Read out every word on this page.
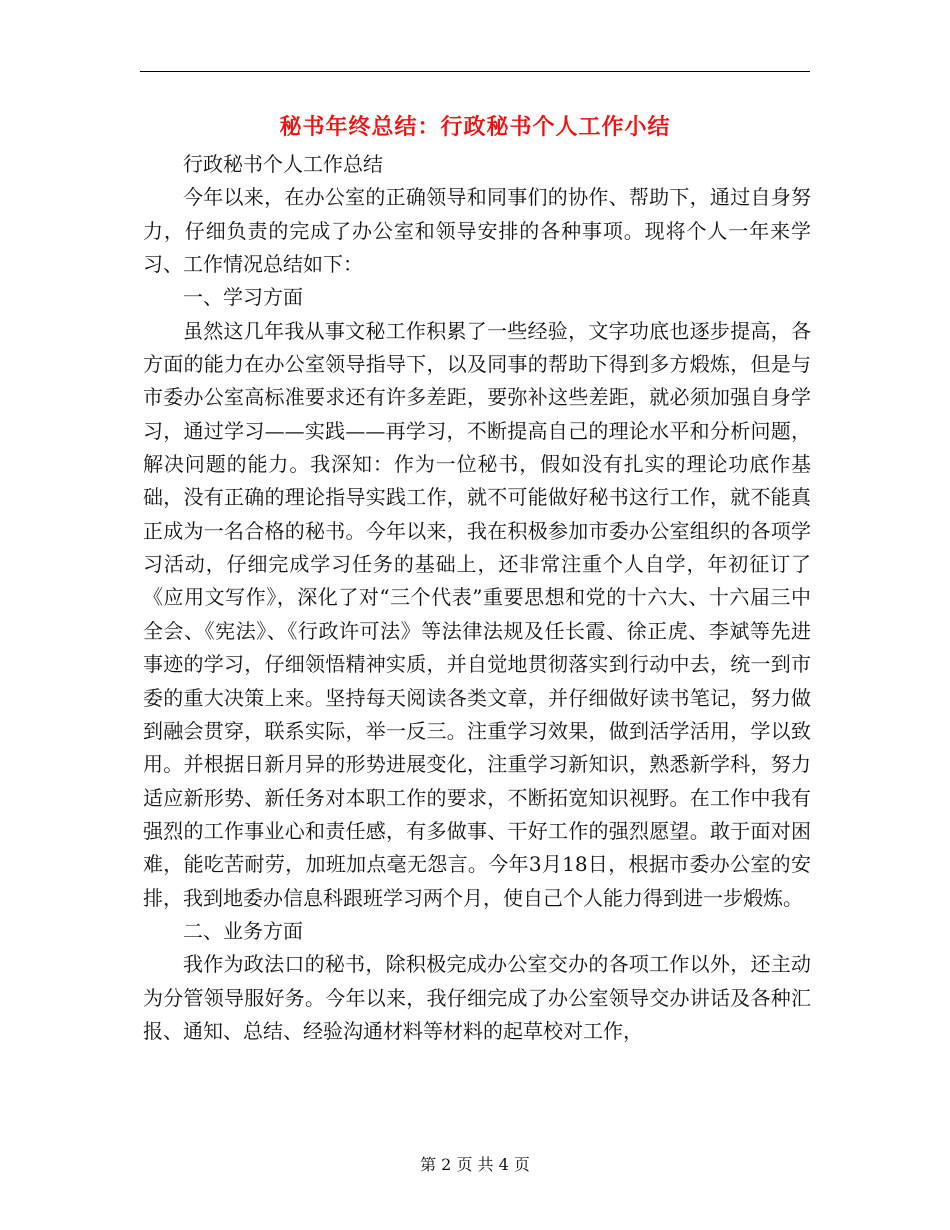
秘书年终总结：行政秘书个人工作小结

行政秘书个人工作总结

今年以来，在办公室的正确领导和同事们的协作、帮助下，通过自身努力，仔细负责的完成了办公室和领导安排的各种事项。现将个人一年来学习、工作情况总结如下：

一、学习方面

虽然这几年我从事文秘工作积累了一些经验，文字功底也逐步提高，各方面的能力在办公室领导指导下，以及同事的帮助下得到多方煅炼，但是与市委办公室高标准要求还有许多差距，要弥补这些差距，就必须加强自身学习，通过学习——实践——再学习，不断提高自己的理论水平和分析问题，解决问题的能力。我深知：作为一位秘书，假如没有扎实的理论功底作基础，没有正确的理论指导实践工作，就不可能做好秘书这行工作，就不能真正成为一名合格的秘书。今年以来，我在积极参加市委办公室组织的各项学习活动，仔细完成学习任务的基础上，还非常注重个人自学，年初征订了《应用文写作》，深化了对“三个代表”重要思想和党的十六大、十六届三中全会、《宪法》、《行政许可法》等法律法规及任长霞、徐正虎、李斌等先进事迹的学习，仔细领悟精神实质，并自觉地贯彻落实到行动中去，统一到市委的重大决策上来。坚持每天阅读各类文章，并仔细做好读书笔记，努力做到融会贯穿，联系实际，举一反三。注重学习效果，做到活学活用，学以致用。并根据日新月异的形势进展变化，注重学习新知识，熟悉新学科，努力适应新形势、新任务对本职工作的要求，不断拓宽知识视野。在工作中我有强烈的工作事业心和责任感，有多做事、干好工作的强烈愿望。敢于面对困难，能吃苦耐劳，加班加点毫无怨言。今年3月18日，根据市委办公室的安排，我到地委办信息科跟班学习两个月，使自己个人能力得到进一步煅炼。

二、业务方面

我作为政法口的秘书，除积极完成办公室交办的各项工作以外，还主动为分管领导服好务。今年以来，我仔细完成了办公室领导交办讲话及各种汇报、通知、总结、经验沟通材料等材料的起草校对工作，

第 2 页 共 4 页
